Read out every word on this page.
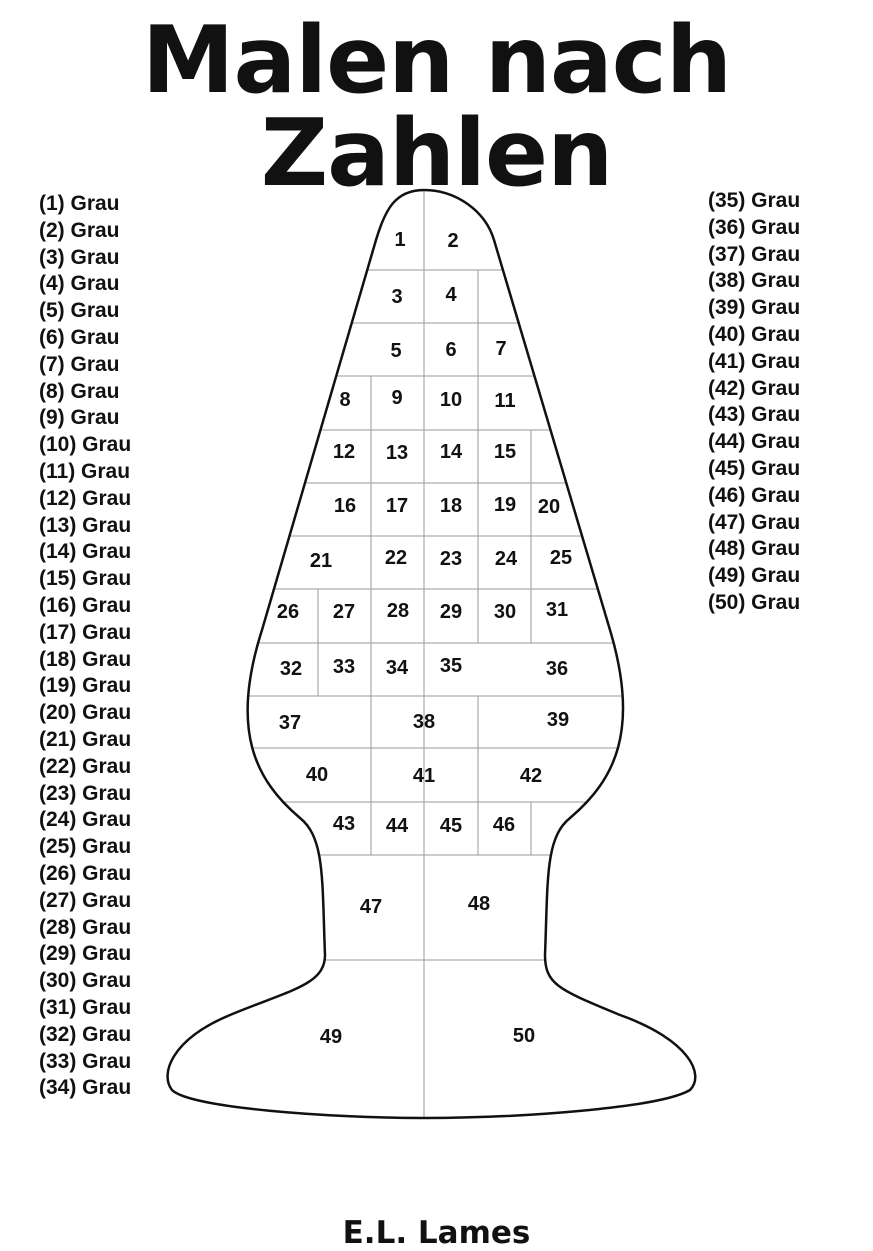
Malen nach Zahlen
(1) Grau
(2) Grau
(3) Grau
(4) Grau
(5) Grau
(6) Grau
(7) Grau
(8) Grau
(9) Grau
(10) Grau
(11) Grau
(12) Grau
(13) Grau
(14) Grau
(15) Grau
(16) Grau
(17) Grau
(18) Grau
(19) Grau
(20) Grau
(21) Grau
(22) Grau
(23) Grau
(24) Grau
(25) Grau
(26) Grau
(27) Grau
(28) Grau
(29) Grau
(30) Grau
(31) Grau
(32) Grau
(33) Grau
(34) Grau
(35) Grau
(36) Grau
(37) Grau
(38) Grau
(39) Grau
(40) Grau
(41) Grau
(42) Grau
(43) Grau
(44) Grau
(45) Grau
(46) Grau
(47) Grau
(48) Grau
(49) Grau
(50) Grau
1 2
3 4
5 6 7
8 9 10 11
12 13 14 15
16 17 18 19 20
21	22 23 24 25
26 27 28 29 30 31
32 33 34 35	36
37	38	39
40	41	42
43 44 45 46
47	48
49	50
E.L. Lames
